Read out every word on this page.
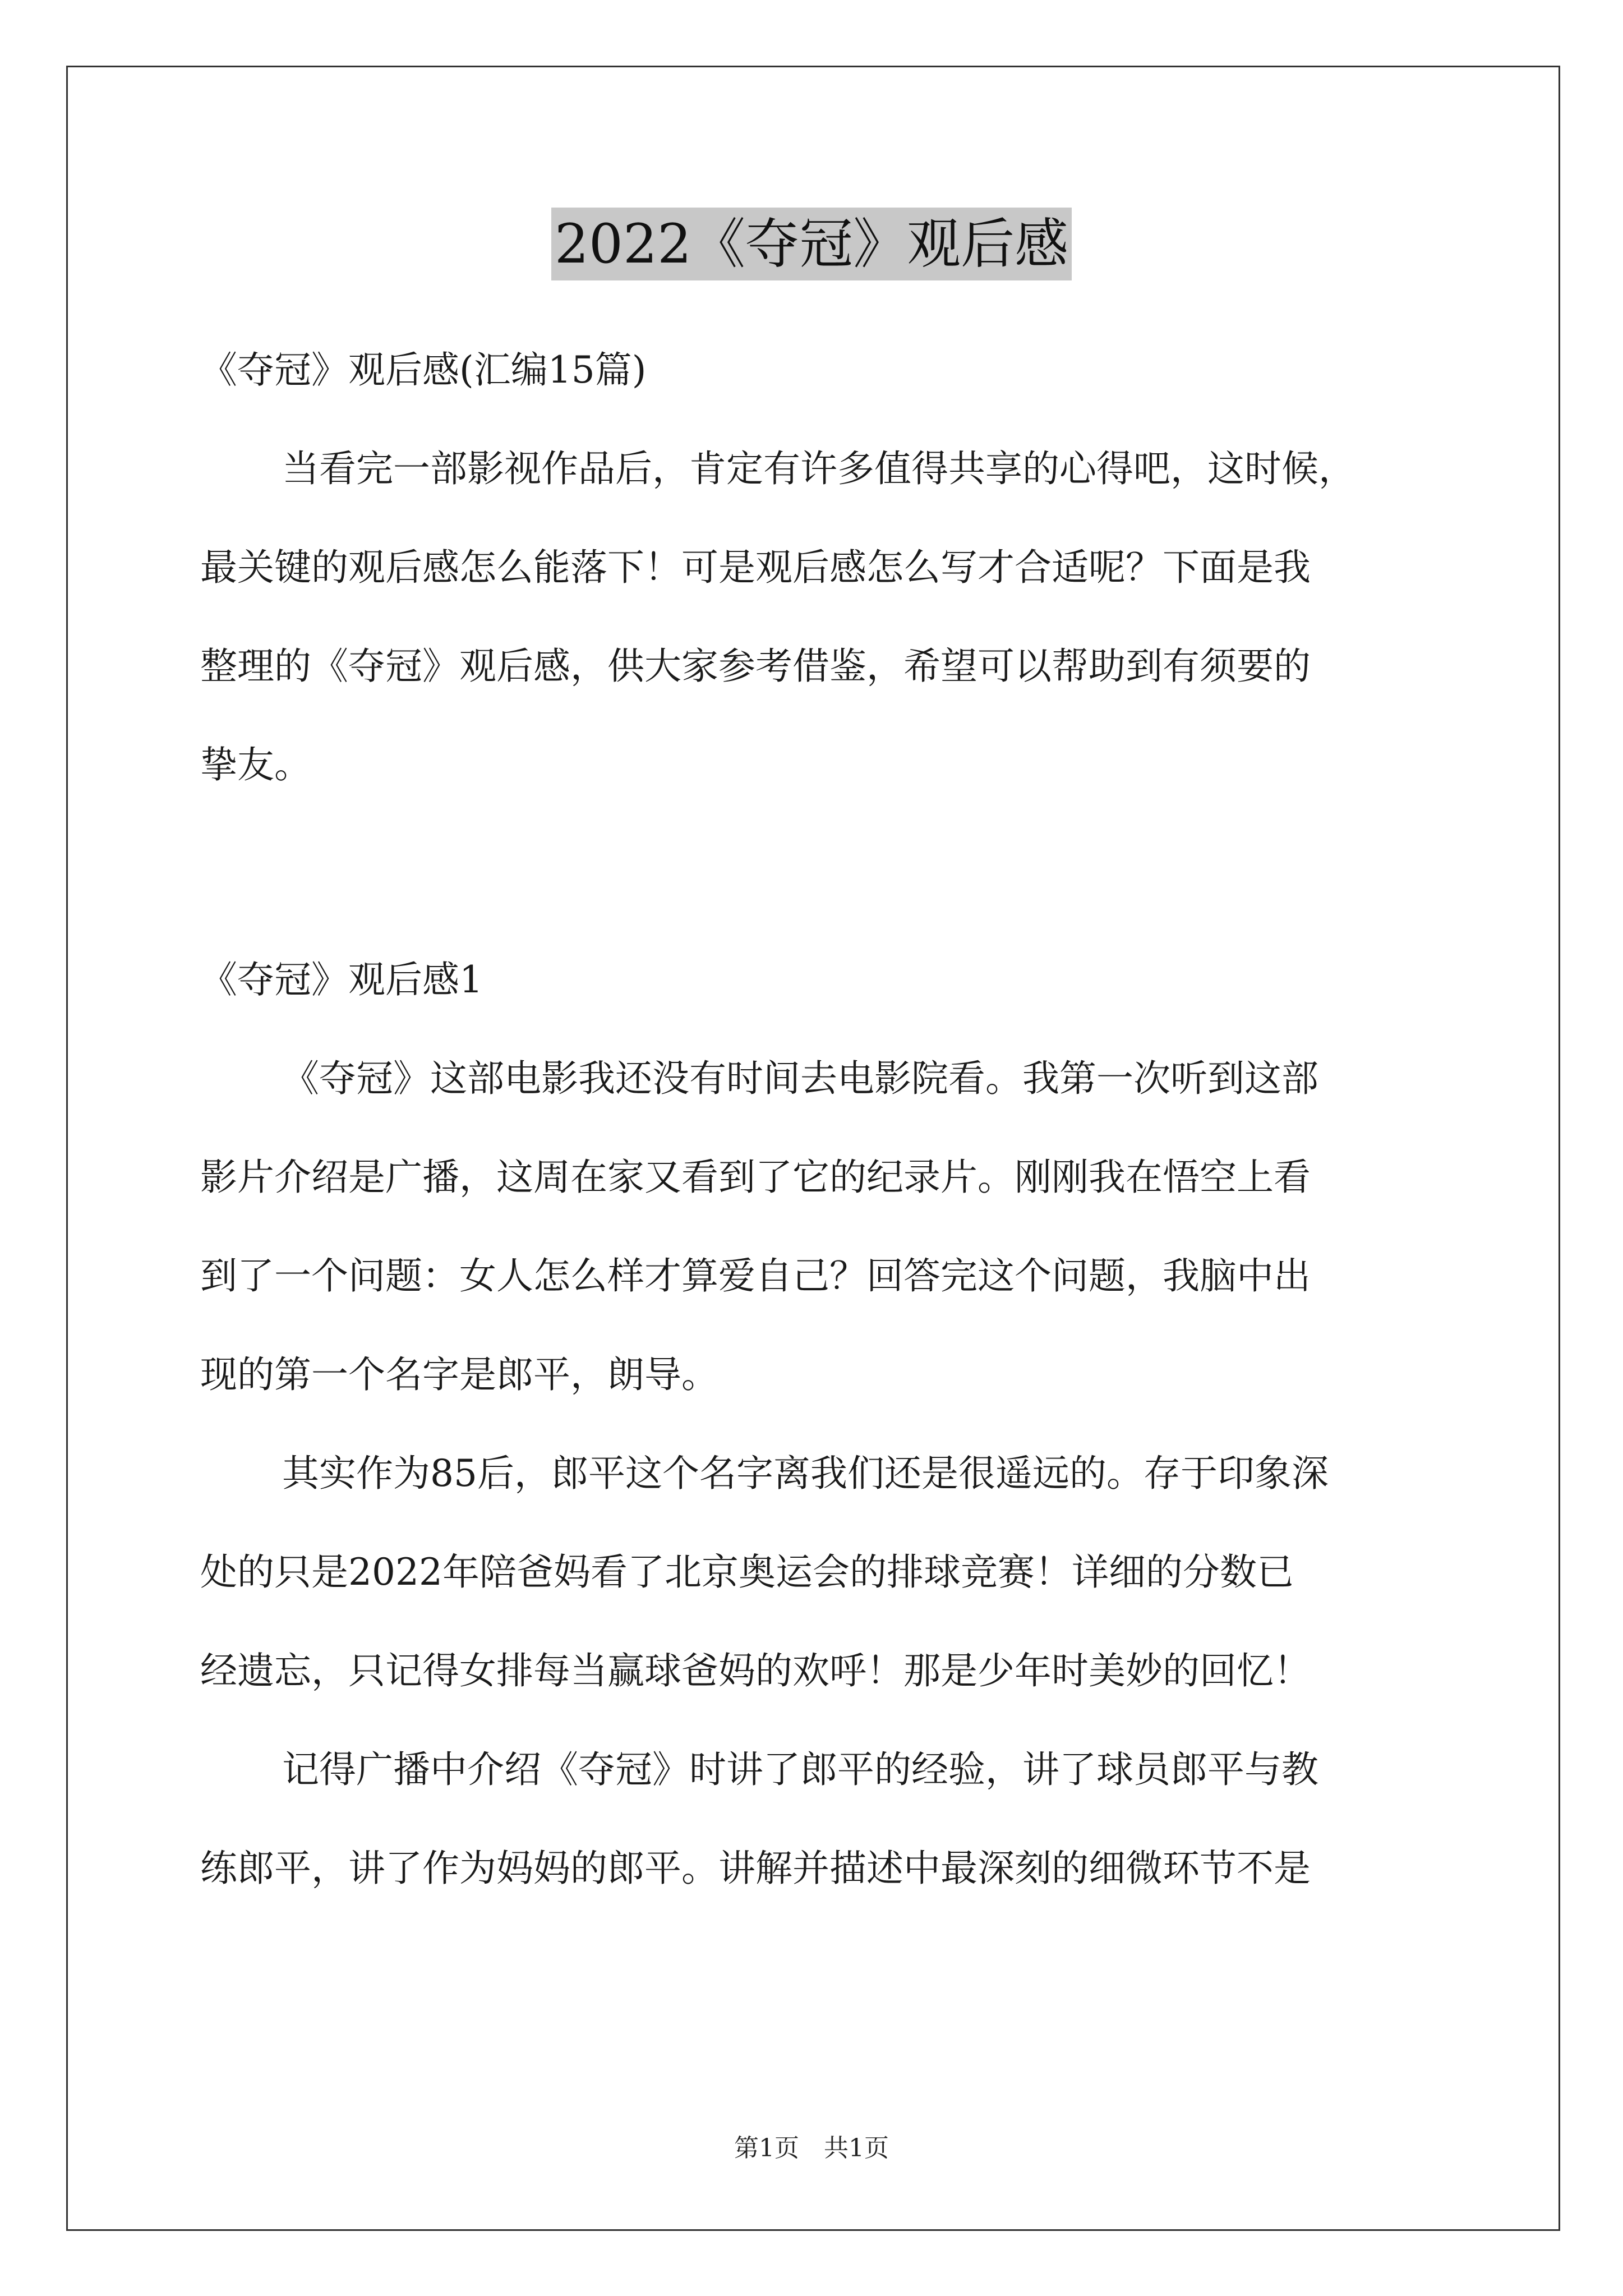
2022《夺冠》观后感
《夺冠》观后感(汇编15篇)
当看完一部影视作品后，肯定有许多值得共享的心得吧，这时候，
最关键的观后感怎么能落下！可是观后感怎么写才合适呢？下面是我
整理的《夺冠》观后感，供大家参考借鉴，希望可以帮助到有须要的
挚友。
《夺冠》观后感1
《夺冠》这部电影我还没有时间去电影院看。我第一次听到这部
影片介绍是广播，这周在家又看到了它的纪录片。刚刚我在悟空上看
到了一个问题：女人怎么样才算爱自己？回答完这个问题，我脑中出
现的第一个名字是郎平，朗导。
其实作为85后，郎平这个名字离我们还是很遥远的。存于印象深
处的只是2022年陪爸妈看了北京奥运会的排球竞赛！详细的分数已
经遗忘，只记得女排每当赢球爸妈的欢呼！那是少年时美妙的回忆！
记得广播中介绍《夺冠》时讲了郎平的经验，讲了球员郎平与教
练郎平，讲了作为妈妈的郎平。讲解并描述中最深刻的细微环节不是
第1页　共1页
